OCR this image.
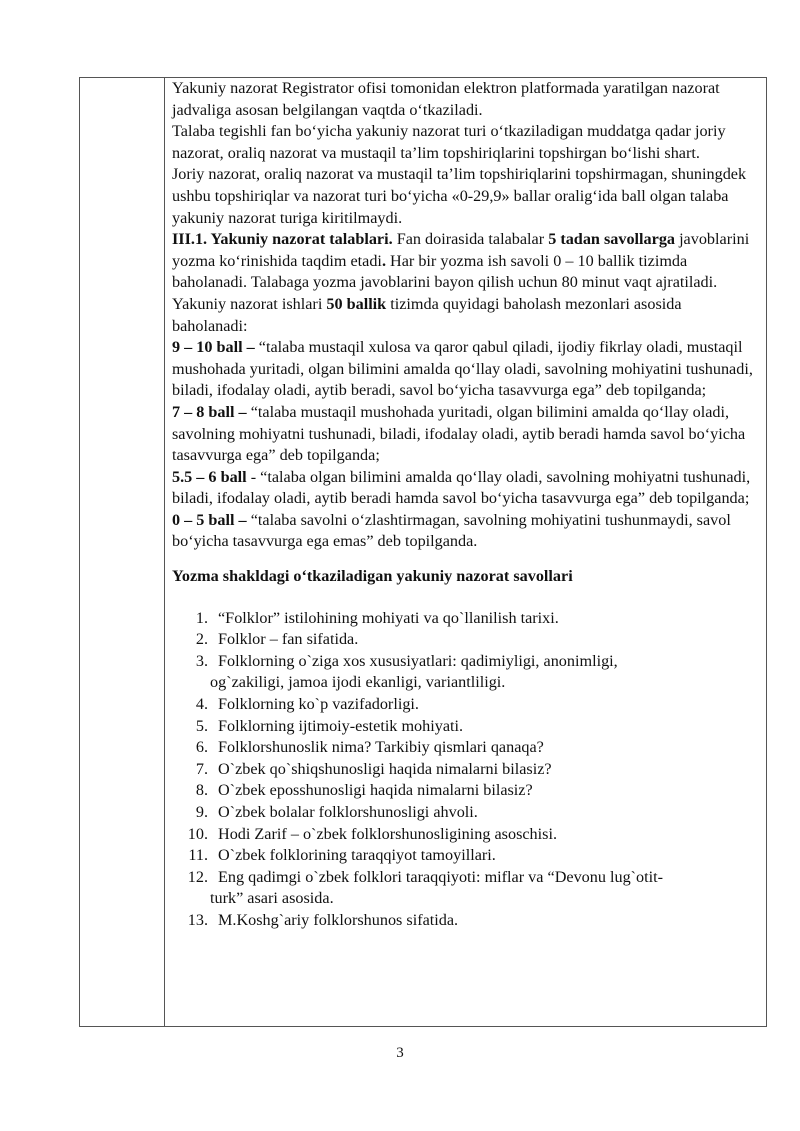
Yakuniy nazorat Registrator ofisi tomonidan elektron platformada yaratilgan nazorat jadvaliga asosan belgilangan vaqtda o‘tkaziladi.

Talaba tegishli fan bo‘yicha yakuniy nazorat turi o‘tkaziladigan muddatga qadar joriy nazorat, oraliq nazorat va mustaqil ta’lim topshiriqlarini topshirgan bo‘lishi shart.

Joriy nazorat, oraliq nazorat va mustaqil ta’lim topshiriqlarini topshirmagan, shuningdek ushbu topshiriqlar va nazorat turi bo‘yicha «0-29,9» ballar oralig‘ida ball olgan talaba yakuniy nazorat turiga kiritilmaydi.

III.1. Yakuniy nazorat talablari. Fan doirasida talabalar 5 tadan savollarga javoblarini yozma ko‘rinishida taqdim etadi. Har bir yozma ish savoli 0 – 10 ballik tizimda baholanadi. Talabaga yozma javoblarini bayon qilish uchun 80 minut vaqt ajratiladi.

Yakuniy nazorat ishlari 50 ballik tizimda quyidagi baholash mezonlari asosida baholanadi:

9 – 10 ball – “talaba mustaqil xulosa va qaror qabul qiladi, ijodiy fikrlay oladi, mustaqil mushohada yuritadi, olgan bilimini amalda qo‘llay oladi, savolning mohiyatini tushunadi, biladi, ifodalay oladi, aytib beradi, savol bo‘yicha tasavvurga ega” deb topilganda;

7 – 8 ball – “talaba mustaqil mushohada yuritadi, olgan bilimini amalda qo‘llay oladi, savolning mohiyatni tushunadi, biladi, ifodalay oladi, aytib beradi hamda savol bo‘yicha tasavvurga ega” deb topilganda;

5.5 – 6 ball - “talaba olgan bilimini amalda qo‘llay oladi, savolning mohiyatni tushunadi, biladi, ifodalay oladi, aytib beradi hamda savol bo‘yicha tasavvurga ega” deb topilganda;

0 – 5 ball – “talaba savolni o‘zlashtirmagan, savolning mohiyatini tushunmaydi, savol bo‘yicha tasavvurga ega emas” deb topilganda.

Yozma shakldagi o‘tkaziladigan yakuniy nazorat savollari

1. “Folklor” istilohining mohiyati va qo`llanilish tarixi.
2. Folklor – fan sifatida.
3. Folklorning o`ziga xos xususiyatlari: qadimiyligi, anonimligi,
og`zakiligi, jamoa ijodi ekanligi, variantliligi.
4. Folklorning ko`p vazifadorligi.
5. Folklorning ijtimoiy-estetik mohiyati.
6. Folklorshunoslik nima? Tarkibiy qismlari qanaqa?
7. O`zbek qo`shiqshunosligi haqida nimalarni bilasiz?
8. O`zbek eposshunosligi haqida nimalarni bilasiz?
9. O`zbek bolalar folklorshunosligi ahvoli.
10. Hodi Zarif – o`zbek folklorshunosligining asoschisi.
11. O`zbek folklorining taraqqiyot tamoyillari.
12. Eng qadimgi o`zbek folklori taraqqiyoti: miflar va “Devonu lug`otit-
turk” asari asosida.
13. M.Koshg`ariy folklorshunos sifatida.
3
